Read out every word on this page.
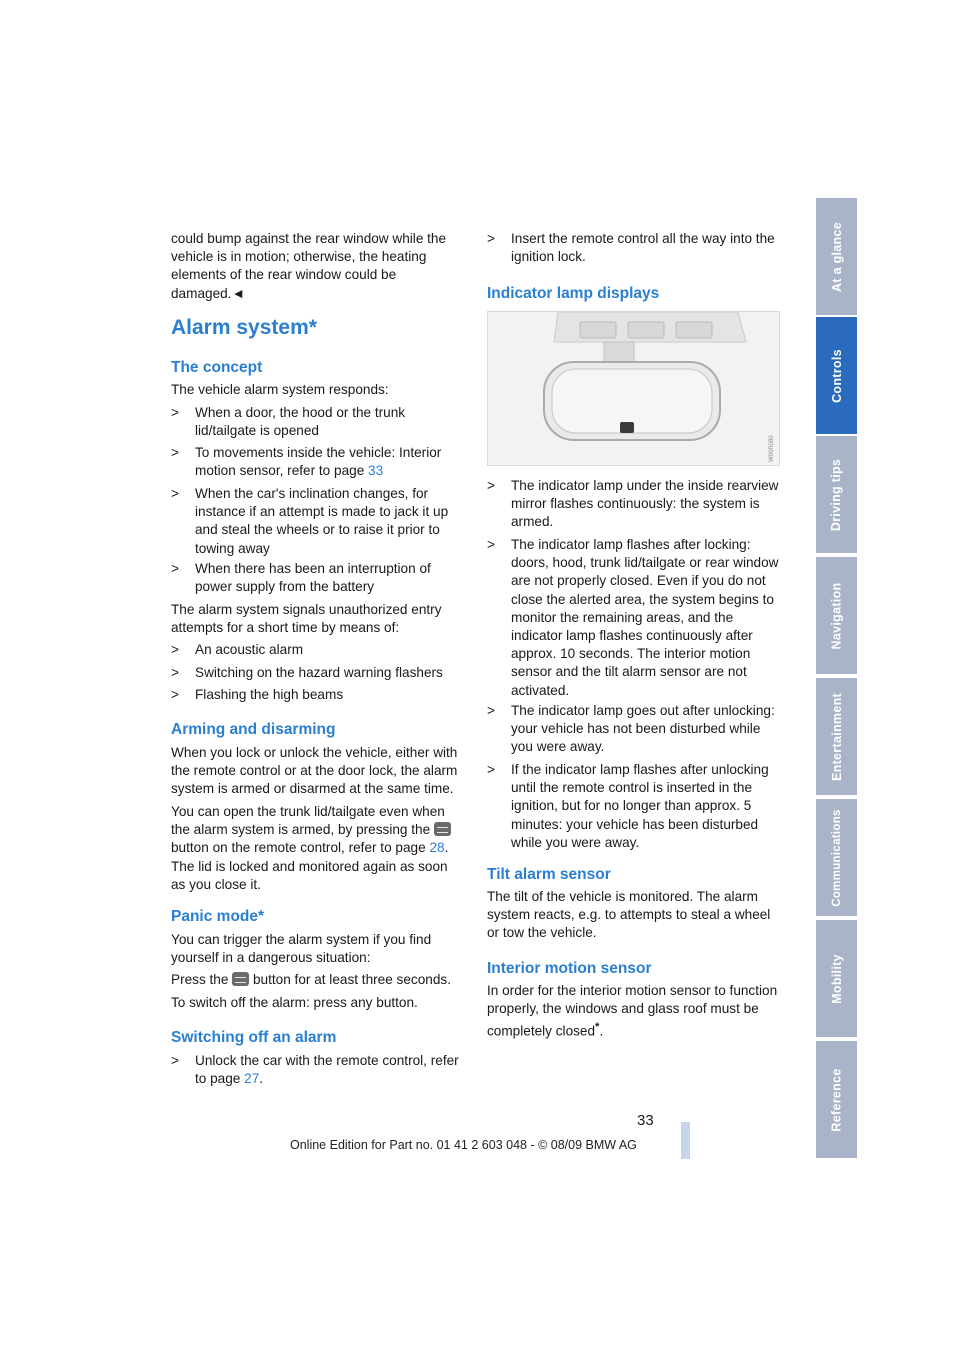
could bump against the rear window while the vehicle is in motion; otherwise, the heating elements of the rear window could be damaged.◄

Alarm system*
The concept

The vehicle alarm system responds:

> When a door, the hood or the trunk lid/tailgate is opened
> To movements inside the vehicle: Interior motion sensor, refer to page 33
> When the car's inclination changes, for instance if an attempt is made to jack it up and steal the wheels or to raise it prior to towing away
> When there has been an interruption of power supply from the battery

The alarm system signals unauthorized entry attempts for a short time by means of:

> An acoustic alarm
> Switching on the hazard warning flashers
> Flashing the high beams
Arming and disarming

When you lock or unlock the vehicle, either with the remote control or at the door lock, the alarm system is armed or disarmed at the same time.

You can open the trunk lid/tailgate even when the alarm system is armed, by pressing the  button on the remote control, refer to page 28. The lid is locked and monitored again as soon as you close it.

Panic mode*

You can trigger the alarm system if you find yourself in a dangerous situation:

Press the  button for at least three seconds.

To switch off the alarm: press any button.

Switching off an alarm
> Unlock the car with the remote control, refer to page 27.
> Insert the remote control all the way into the ignition lock.
Indicator lamp displays
W00R080
> The indicator lamp under the inside rearview mirror flashes continuously: the system is armed.
> The indicator lamp flashes after locking: doors, hood, trunk lid/tailgate or rear window are not properly closed. Even if you do not close the alerted area, the system begins to monitor the remaining areas, and the indicator lamp flashes continuously after approx. 10 seconds. The interior motion sensor and the tilt alarm sensor are not activated.
> The indicator lamp goes out after unlocking: your vehicle has not been disturbed while you were away.
> If the indicator lamp flashes after unlocking until the remote control is inserted in the ignition, but for no longer than approx. 5 minutes: your vehicle has been disturbed while you were away.
Tilt alarm sensor

The tilt of the vehicle is monitored. The alarm system reacts, e.g. to attempts to steal a wheel or tow the vehicle.

Interior motion sensor

In order for the interior motion sensor to function properly, the windows and glass roof must be completely closed*.

At a glance
Controls
Driving tips
Navigation
Entertainment
Communications
Mobility
Reference
33
Online Edition for Part no. 01 41 2 603 048 - © 08/09 BMW AG
